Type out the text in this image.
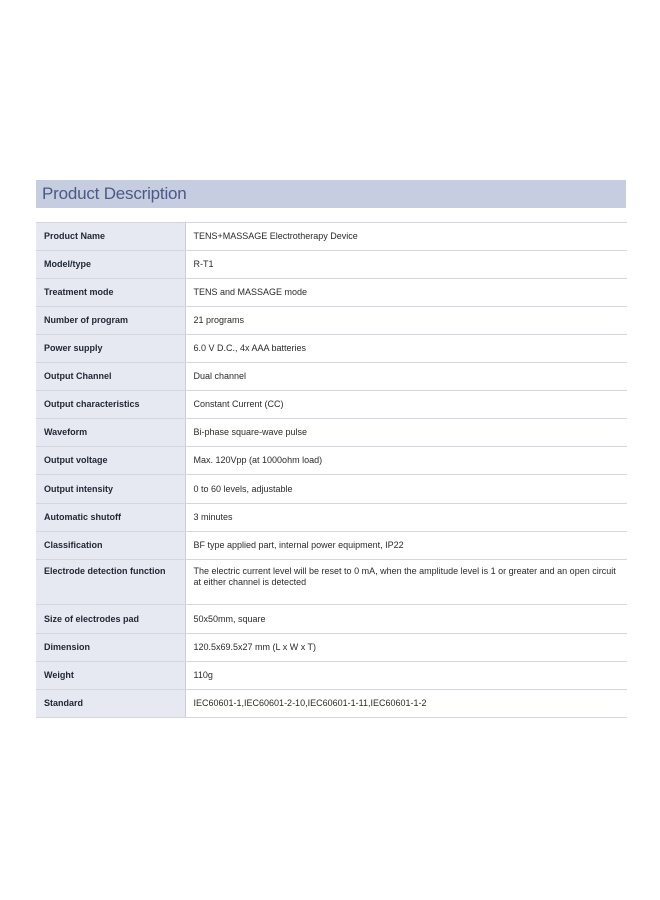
Product Description
Product Name	TENS+MASSAGE Electrotherapy Device
Model/type	R-T1
Treatment mode	TENS and MASSAGE mode
Number of program	21 programs
Power supply	6.0 V D.C., 4x AAA batteries
Output Channel	Dual channel
Output characteristics	Constant Current (CC)
Waveform	Bi-phase square-wave pulse
Output voltage	Max. 120Vpp (at 1000ohm load)
Output intensity	0 to 60 levels, adjustable
Automatic shutoff	3 minutes
Classification	BF type applied part, internal power equipment, IP22
Electrode detection function	The electric current level will be reset to 0 mA, when the amplitude level is 1 or greater and an open circuit at either channel is detected
Size of electrodes pad	50x50mm, square
Dimension	120.5x69.5x27 mm (L x W x T)
Weight	110g
Standard	IEC60601-1,IEC60601-2-10,IEC60601-1-11,IEC60601-1-2
